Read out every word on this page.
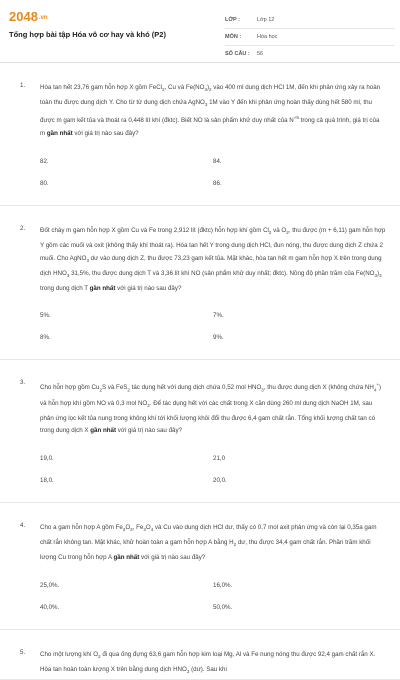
2048.vn
Tổng hợp bài tập Hóa vô cơ hay và khó (P2)
LỚP :	Lớp 12
MÔN :	Hóa học
SỐ CÂU :	56
1. Hòa tan hết 23,76 gam hỗn hợp X gồm FeCl$_2$, Cu và $Fe(NO_3)_2$ vào 400 ml dung dịch HCl 1M, đến khi phản ứng xảy ra hoàn toàn thu được dung dịch Y. Cho từ từ dung dịch chứa AgNO$_3$ 1M vào Y đến khi phản ứng hoàn thấy dùng hết 580 ml, thu được m gam kết tủa và thoát ra 0,448 lít khí (đktc). Biết NO là sản phẩm khử duy nhất của $N^{+5}$ trong cả quá trình, giá trị của m gần nhất với giá trị nào sau đây?
82.	84.
80.	86.
2. Đốt cháy m gam hỗn hợp X gồm Cu và Fe trong 2,912 lít (đktc) hỗn hợp khí gồm $Cl_2$ và $O_2$, thu được (m + 6,11) gam hỗn hợp Y gồm các muối và oxit (không thấy khí thoát ra). Hòa tan hết Y trong dung dịch HCl, đun nóng, thu được dung dịch Z chứa 2 muối. Cho AgNO$_3$ dư vào dung dịch Z, thu được 73,23 gam kết tủa. Mặt khác, hòa tan hết m gam hỗn hợp X trên trong dung dịch $HNO_3$ 31,5%, thu được dung dịch T và 3,36 lít khí NO (sản phẩm khử duy nhất; đktc). Nồng độ phần trăm của $Fe(NO_3)_3$ trong dung dịch T gần nhất với giá trị nào sau đây?
5%.	7%.
8%.	9%.
3.
Cho hỗn hợp gồm $Cu_2S$ và FeS$_2$ tác dụng hết với dung dịch chứa 0,52 mol $HNO_3$, thu được dung dịch X (không chứa $NH_4^+$) và hỗn hợp khí gồm NO và 0,3 mol $NO_2$. Để tác dụng hết với các chất trong X cần dùng 260 ml dung dịch NaOH 1M, sau phản ứng lọc kết tủa nung trong không khí tới khối lượng khôi đổi thu được 6,4 gam chất rắn. Tổng khối lượng chất tan có trong dung dịch X gần nhất với giá trị nào sau đây?
19,0.	21,0
18,0.	20,0.
4. Cho a gam hỗn hợp A gồm $Fe_2O_3$, $Fe_3O_4$ và Cu vào dung dịch HCl dư, thấy có 0,7 mol axit phản ứng và còn lại 0,35a gam chất rắn không tan. Mặt khác, khử hoàn toàn a gam hỗn hợp A bằng $H_2$ dư, thu được 34,4 gam chất rắn. Phần trăm khối lượng Cu trong hỗn hợp A gần nhất với giá trị nào sau đây?
25,0%.	16,0%.
40,0%.	50,0%.
5. Cho một lượng khí $O_2$ đi qua ống đựng 63,6 gam hỗn hợp kim loại Mg, Al và Fe nung nóng thu được 92,4 gam chất rắn X. Hòa tan hoàn toàn lượng X trên bằng dung dịch $HNO_3$ (dư). Sau khi
